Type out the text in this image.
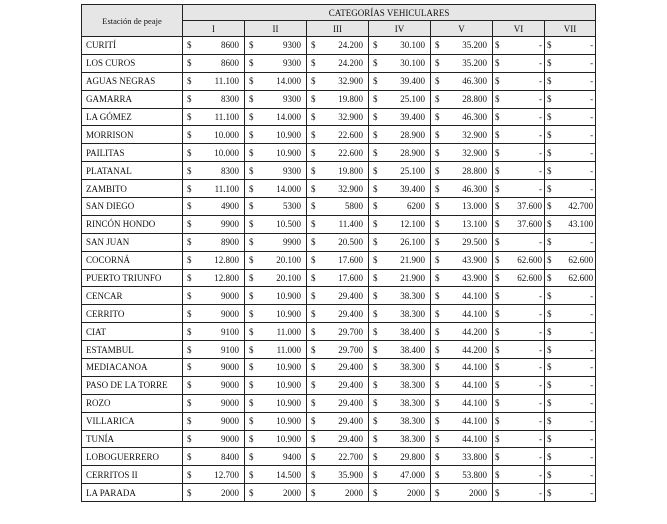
Estación de peaje	CATEGORÍAS VEHICULARES						
	I	II	III	IV	V	VI	VII
CURITÍ	$ 8600	$ 9300	$ 24.200	$ 30.100	$ 35.200	$ -	$ -

LOS CUROS	$ 8600	$ 9300	$ 24.200	$ 30.100	$ 35.200	$ -	$ -

AGUAS NEGRAS	$ 11.100	$ 14.000	$ 32.900	$ 39.400	$ 46.300	$ -	$ -

GAMARRA	$ 8300	$ 9300	$ 19.800	$ 25.100	$ 28.800	$ -	$ -

LA GÓMEZ	$ 11.100	$ 14.000	$ 32.900	$ 39.400	$ 46.300	$ -	$ -

MORRISON	$ 10.000	$ 10.900	$ 22.600	$ 28.900	$ 32.900	$ -	$ -

PAILITAS	$ 10.000	$ 10.900	$ 22.600	$ 28.900	$ 32.900	$ -	$ -

PLATANAL	$ 8300	$ 9300	$ 19.800	$ 25.100	$ 28.800	$ -	$ -

ZAMBITO	$ 11.100	$ 14.000	$ 32.900	$ 39.400	$ 46.300	$ -	$ -

SAN DIEGO	$ 4900	$ 5300	$ 5800	$ 6200	$ 13.000	$ 37.600	$ 42.700

RINCÓN HONDO	$ 9900	$ 10.500	$ 11.400	$ 12.100	$ 13.100	$ 37.600	$ 43.100

SAN JUAN	$ 8900	$ 9900	$ 20.500	$ 26.100	$ 29.500	$ -	$ -

COCORNÁ	$ 12.800	$ 20.100	$ 17.600	$ 21.900	$ 43.900	$ 62.600	$ 62.600

PUERTO TRIUNFO	$ 12.800	$ 20.100	$ 17.600	$ 21.900	$ 43.900	$ 62.600	$ 62.600

CENCAR	$ 9000	$ 10.900	$ 29.400	$ 38.300	$ 44.100	$ -	$ -

CERRITO	$ 9000	$ 10.900	$ 29.400	$ 38.300	$ 44.100	$ -	$ -

CIAT	$ 9100	$ 11.000	$ 29.700	$ 38.400	$ 44.200	$ -	$ -

ESTAMBUL	$ 9100	$ 11.000	$ 29.700	$ 38.400	$ 44.200	$ -	$ -

MEDIACANOA	$ 9000	$ 10.900	$ 29.400	$ 38.300	$ 44.100	$ -	$ -

PASO DE LA TORRE	$ 9000	$ 10.900	$ 29.400	$ 38.300	$ 44.100	$ -	$ -

ROZO	$ 9000	$ 10.900	$ 29.400	$ 38.300	$ 44.100	$ -	$ -

VILLARICA	$ 9000	$ 10.900	$ 29.400	$ 38.300	$ 44.100	$ -	$ -

TUNÍA	$ 9000	$ 10.900	$ 29.400	$ 38.300	$ 44.100	$ -	$ -

LOBOGUERRERO	$ 8400	$ 9400	$ 22.700	$ 29.800	$ 33.800	$ -	$ -

CERRITOS II	$ 12.700	$ 14.500	$ 35.900	$ 47.000	$ 53.800	$ -	$ -

LA PARADA	$ 2000	$ 2000	$ 2000	$ 2000	$ 2000	$ -	$ -
